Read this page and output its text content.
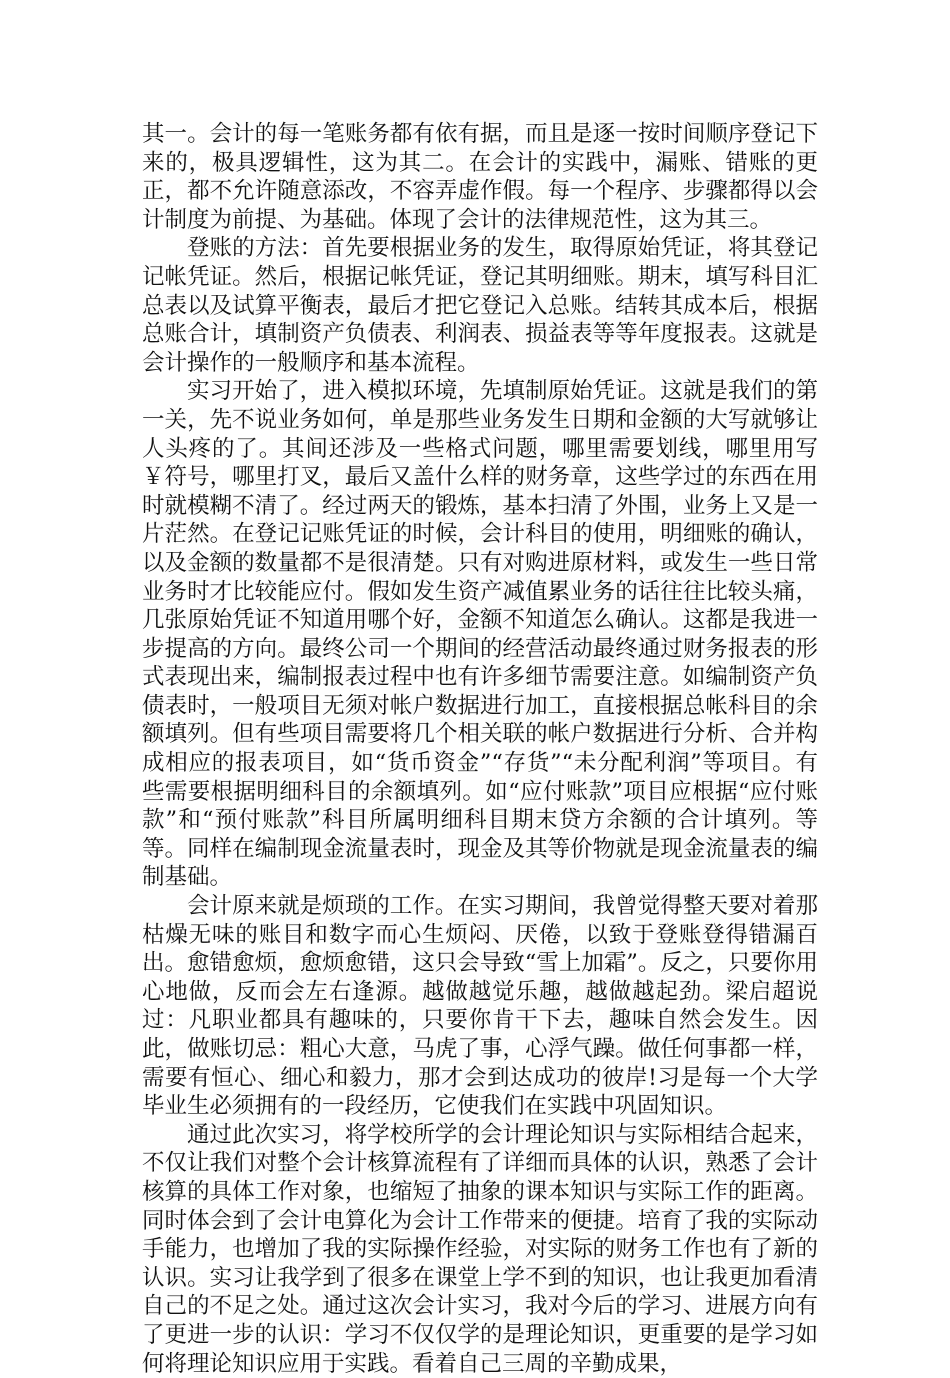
其一。会计的每一笔账务都有依有据，而且是逐一按时间顺序登记下来的，极具逻辑性，这为其二。在会计的实践中，漏账、错账的更正，都不允许随意添改，不容弄虚作假。每一个程序、步骤都得以会计制度为前提、为基础。体现了会计的法律规范性，这为其三。

登账的方法：首先要根据业务的发生，取得原始凭证，将其登记记帐凭证。然后，根据记帐凭证，登记其明细账。期末，填写科目汇总表以及试算平衡表，最后才把它登记入总账。结转其成本后，根据总账合计，填制资产负债表、利润表、损益表等等年度报表。这就是会计操作的一般顺序和基本流程。

实习开始了，进入模拟环境，先填制原始凭证。这就是我们的第一关，先不说业务如何，单是那些业务发生日期和金额的大写就够让人头疼的了。其间还涉及一些格式问题，哪里需要划线，哪里用写￥符号，哪里打叉，最后又盖什么样的财务章，这些学过的东西在用时就模糊不清了。经过两天的锻炼，基本扫清了外围，业务上又是一片茫然。在登记记账凭证的时候，会计科目的使用，明细账的确认，以及金额的数量都不是很清楚。只有对购进原材料，或发生一些日常业务时才比较能应付。假如发生资产减值累业务的话往往比较头痛，几张原始凭证不知道用哪个好，金额不知道怎么确认。这都是我进一步提高的方向。最终公司一个期间的经营活动最终通过财务报表的形式表现出来，编制报表过程中也有许多细节需要注意。如编制资产负债表时，一般项目无须对帐户数据进行加工，直接根据总帐科目的余额填列。但有些项目需要将几个相关联的帐户数据进行分析、合并构成相应的报表项目，如“货币资金”“存货”“未分配利润”等项目。有些需要根据明细科目的余额填列。如“应付账款”项目应根据“应付账款”和“预付账款”科目所属明细科目期末贷方余额的合计填列。等等。同样在编制现金流量表时，现金及其等价物就是现金流量表的编制基础。

会计原来就是烦琐的工作。在实习期间，我曾觉得整天要对着那枯燥无味的账目和数字而心生烦闷、厌倦，以致于登账登得错漏百出。愈错愈烦，愈烦愈错，这只会导致“雪上加霜”。反之，只要你用心地做，反而会左右逢源。越做越觉乐趣，越做越起劲。梁启超说过：凡职业都具有趣味的，只要你肯干下去，趣味自然会发生。因此，做账切忌：粗心大意，马虎了事，心浮气躁。做任何事都一样，需要有恒心、细心和毅力，那才会到达成功的彼岸!习是每一个大学毕业生必须拥有的一段经历，它使我们在实践中巩固知识。

通过此次实习，将学校所学的会计理论知识与实际相结合起来，不仅让我们对整个会计核算流程有了详细而具体的认识，熟悉了会计核算的具体工作对象，也缩短了抽象的课本知识与实际工作的距离。同时体会到了会计电算化为会计工作带来的便捷。培育了我的实际动手能力，也增加了我的实际操作经验，对实际的财务工作也有了新的认识。实习让我学到了很多在课堂上学不到的知识，也让我更加看清自己的不足之处。通过这次会计实习，我对今后的学习、进展方向有了更进一步的认识：学习不仅仅学的是理论知识，更重要的是学习如何将理论知识应用于实践。看着自己三周的辛勤成果，
